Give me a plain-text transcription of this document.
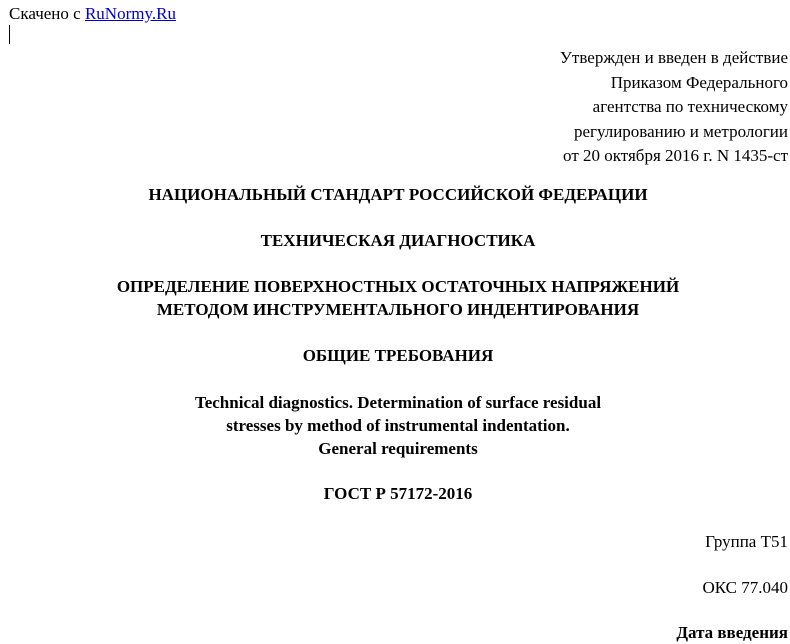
Скачено с RuNormy.Ru
Утвержден и введен в действие
Приказом Федерального
агентства по техническому
регулированию и метрологии
от 20 октября 2016 г. N 1435-ст
НАЦИОНАЛЬНЫЙ СТАНДАРТ РОССИЙСКОЙ ФЕДЕРАЦИИ
ТЕХНИЧЕСКАЯ ДИАГНОСТИКА
ОПРЕДЕЛЕНИЕ ПОВЕРХНОСТНЫХ ОСТАТОЧНЫХ НАПРЯЖЕНИЙ
МЕТОДОМ ИНСТРУМЕНТАЛЬНОГО ИНДЕНТИРОВАНИЯ
ОБЩИЕ ТРЕБОВАНИЯ
Technical diagnostics. Determination of surface residual
stresses by method of instrumental indentation.
General requirements
ГОСТ Р 57172-2016
Группа Т51
ОКС 77.040
Дата введения
